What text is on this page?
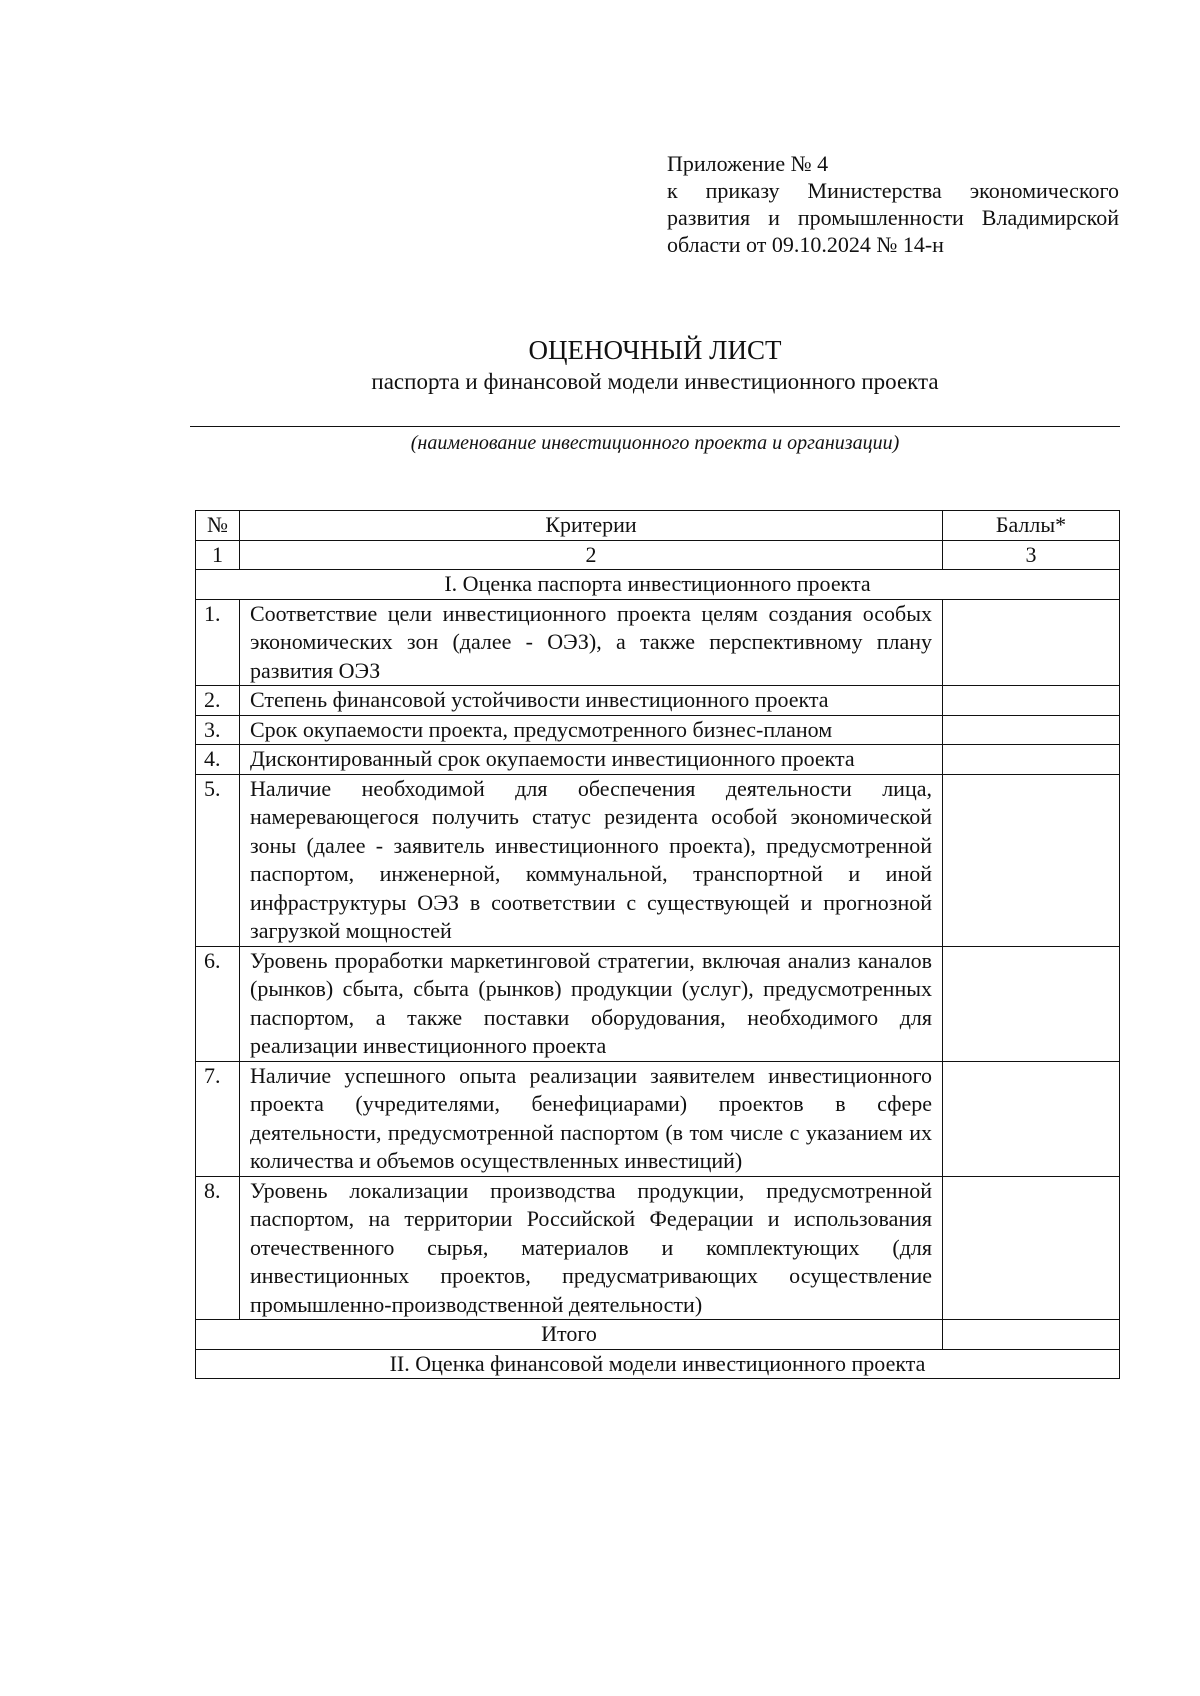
Приложение № 4
к приказу Министерства экономического
развития и промышленности Владимирской
области от 09.10.2024 № 14-н
ОЦЕНОЧНЫЙ ЛИСТ
паспорта и финансовой модели инвестиционного проекта
(наименование инвестиционного проекта и организации)
№	Критерии	Баллы*
1	2	3
I. Оценка паспорта инвестиционного проекта		
1.	Соответствие цели инвестиционного проекта целям создания особых экономических зон (далее - ОЭЗ), а также перспективному плану развития ОЭЗ	
2.	Степень финансовой устойчивости инвестиционного проекта	
3.	Срок окупаемости проекта, предусмотренного бизнес-планом	
4.	Дисконтированный срок окупаемости инвестиционного проекта	
5.	Наличие необходимой для обеспечения деятельности лица, намеревающегося получить статус резидента особой экономической зоны (далее - заявитель инвестиционного проекта), предусмотренной паспортом, инженерной, коммунальной, транспортной и иной инфраструктуры ОЭЗ в соответствии с существующей и прогнозной загрузкой мощностей	
6.	Уровень проработки маркетинговой стратегии, включая анализ каналов (рынков) сбыта, сбыта (рынков) продукции (услуг), предусмотренных паспортом, а также поставки оборудования, необходимого для реализации инвестиционного проекта	
7.	Наличие успешного опыта реализации заявителем инвестиционного проекта (учредителями, бенефициарами) проектов в сфере деятельности, предусмотренной паспортом (в том числе с указанием их количества и объемов осуществленных инвестиций)	
8.	Уровень локализации производства продукции, предусмотренной паспортом, на территории Российской Федерации и использования отечественного сырья, материалов и комплектующих (для инвестиционных проектов, предусматривающих осуществление промышленно-производственной деятельности)	
Итого		
II. Оценка финансовой модели инвестиционного проекта		
